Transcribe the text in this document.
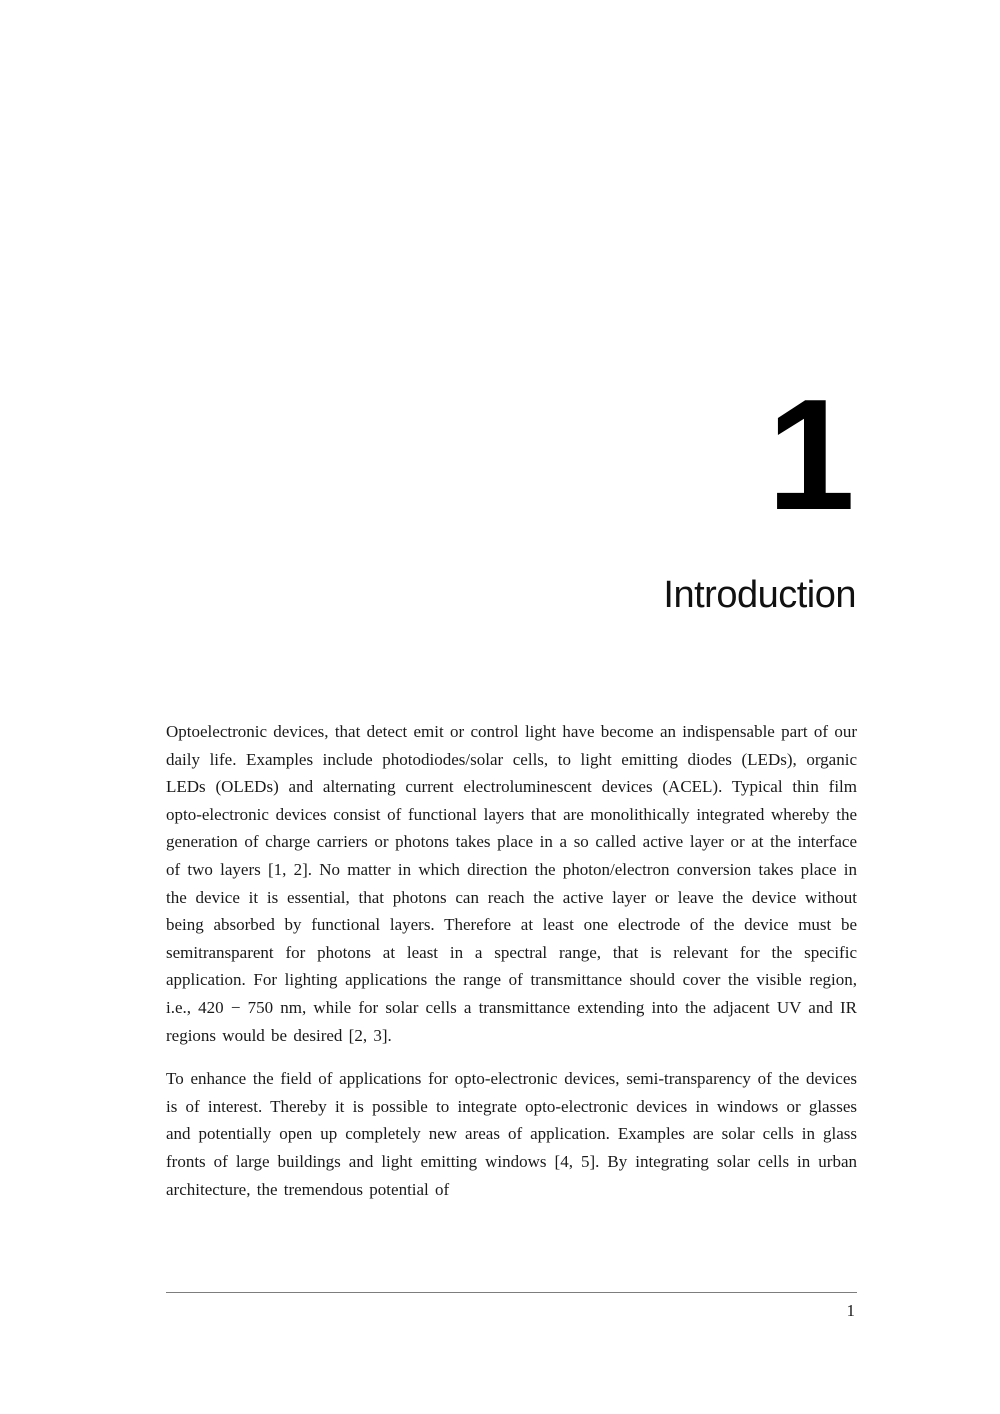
1
Introduction

Optoelectronic devices, that detect emit or control light have become an indispensable part of our daily life. Examples include photodiodes/solar cells, to light emitting diodes (LEDs), organic LEDs (OLEDs) and alternating current electroluminescent devices (ACEL). Typical thin film opto-electronic devices consist of functional layers that are monolithically integrated whereby the generation of charge carriers or photons takes place in a so called active layer or at the interface of two layers [1, 2]. No matter in which direction the photon/electron conversion takes place in the device it is essential, that photons can reach the active layer or leave the device without being absorbed by functional layers. Therefore at least one electrode of the device must be semitransparent for photons at least in a spectral range, that is relevant for the specific application. For lighting applications the range of transmittance should cover the visible region, i.e., 420 − 750 nm, while for solar cells a transmittance extending into the adjacent UV and IR regions would be desired [2, 3].

To enhance the field of applications for opto-electronic devices, semi-transparency of the devices is of interest. Thereby it is possible to integrate opto-electronic devices in windows or glasses and potentially open up completely new areas of application. Examples are solar cells in glass fronts of large buildings and light emitting windows [4, 5]. By integrating solar cells in urban architecture, the tremendous potential of

1
